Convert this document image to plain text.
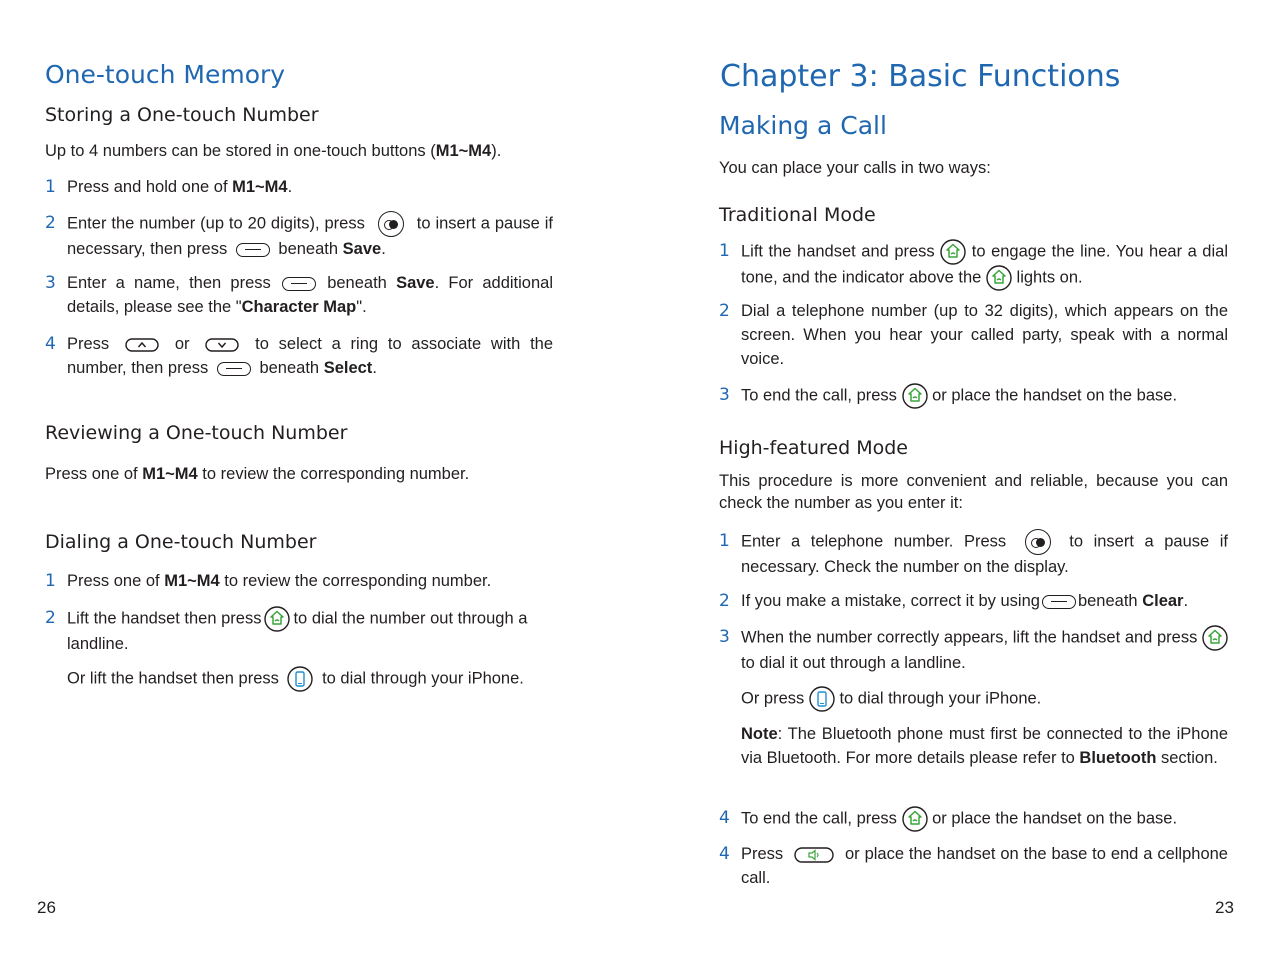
One-touch Memory
Storing a One-touch Number
Up to 4 numbers can be stored in one-touch buttons (M1~M4).
1 Press and hold one of M1~M4.
2 Enter the number (up to 20 digits), press	to insert a pause if necessary, then press	beneath Save.
3 Enter a name, then press	beneath Save. For additional details, please see the "Character Map".
4 Press	or	to select a ring to associate with the number, then press	beneath Select.
Reviewing a One-touch Number
Press one of M1~M4 to review the corresponding number.
Dialing a One-touch Number
1 Press one of M1~M4 to review the corresponding number.
2 Lift the handset then press to dial the number out through a landline.
Or lift the handset then press	to dial through your iPhone.
26
Chapter 3: Basic Functions
Making a Call
You can place your calls in two ways:
Traditional Mode
1 Lift the handset and press to engage the line. You hear a dial tone, and the indicator above the lights on.
2 Dial a telephone number (up to 32 digits), which appears on the screen. When you hear your called party, speak with a normal voice.
3 To end the call, press or place the handset on the base.
High-featured Mode
This procedure is more convenient and reliable, because you can check the number as you enter it:
1 Enter a telephone number. Press	to insert a pause if necessary. Check the number on the display.
2 If you make a mistake, correct it by using beneath Clear.
3 When the number correctly appears, lift the handset and press  to dial it out through a landline.
Or press to dial through your iPhone.
Note: The Bluetooth phone must first be connected to the iPhone via Bluetooth. For more details please refer to Bluetooth section.
4 To end the call, press or place the handset on the base.
4 Press	or place the handset on the base to end a cellphone call.
23
